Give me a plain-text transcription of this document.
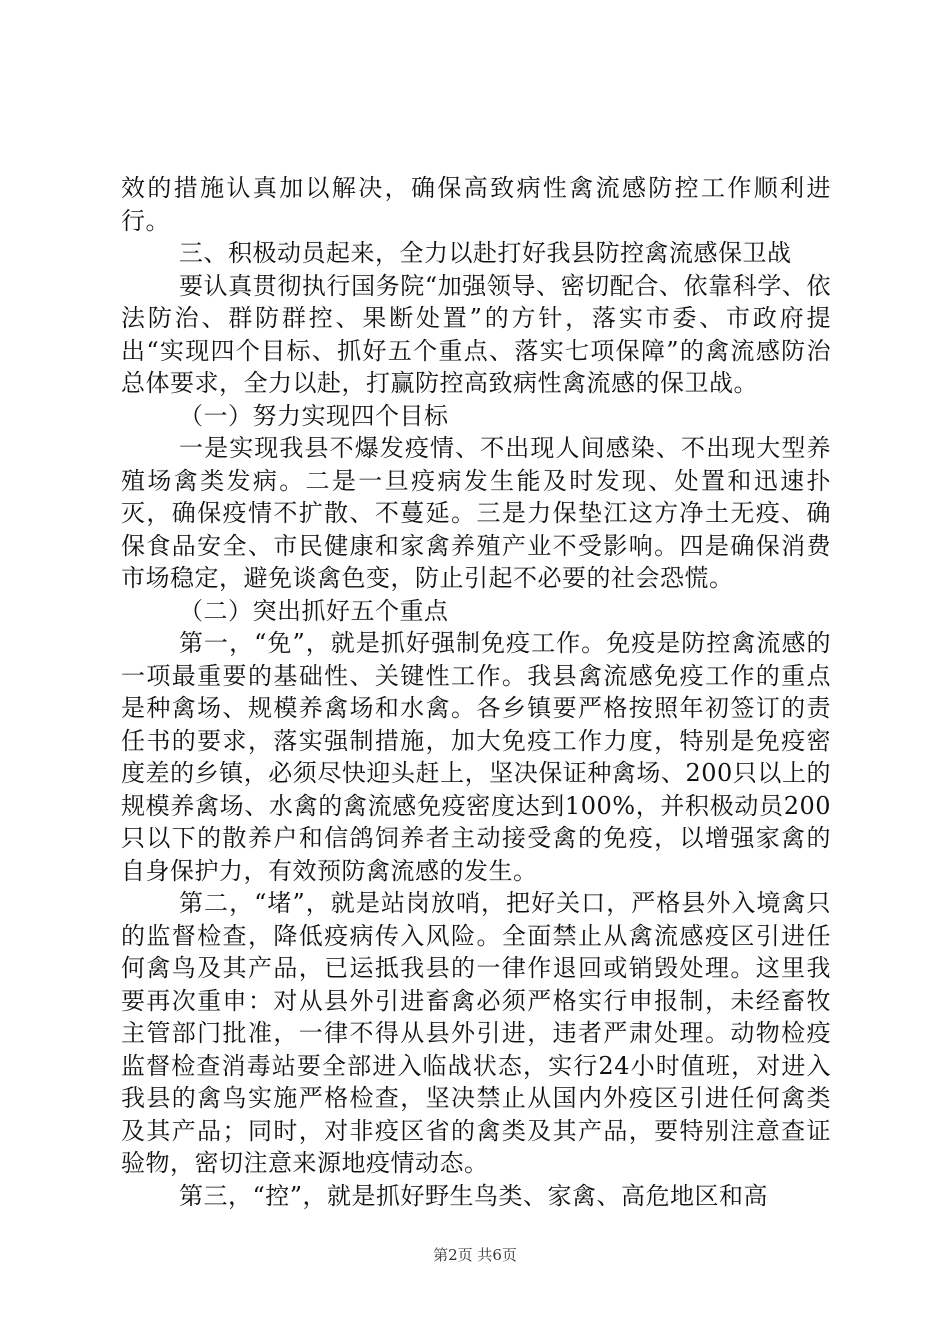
效的措施认真加以解决，确保高致病性禽流感防控工作顺利进行。

三、积极动员起来，全力以赴打好我县防控禽流感保卫战

要认真贯彻执行国务院“加强领导、密切配合、依靠科学、依法防治、群防群控、果断处置”的方针，落实市委、市政府提出“实现四个目标、抓好五个重点、落实七项保障”的禽流感防治总体要求，全力以赴，打赢防控高致病性禽流感的保卫战。

（一）努力实现四个目标

一是实现我县不爆发疫情、不出现人间感染、不出现大型养殖场禽类发病。二是一旦疫病发生能及时发现、处置和迅速扑灭，确保疫情不扩散、不蔓延。三是力保垫江这方净土无疫、确保食品安全、市民健康和家禽养殖产业不受影响。四是确保消费市场稳定，避免谈禽色变，防止引起不必要的社会恐慌。

（二）突出抓好五个重点

第一，“免”，就是抓好强制免疫工作。免疫是防控禽流感的一项最重要的基础性、关键性工作。我县禽流感免疫工作的重点是种禽场、规模养禽场和水禽。各乡镇要严格按照年初签订的责任书的要求，落实强制措施，加大免疫工作力度，特别是免疫密度差的乡镇，必须尽快迎头赶上，坚决保证种禽场、200只以上的规模养禽场、水禽的禽流感免疫密度达到100%，并积极动员200只以下的散养户和信鸽饲养者主动接受禽的免疫，以增强家禽的自身保护力，有效预防禽流感的发生。

第二，“堵”，就是站岗放哨，把好关口，严格县外入境禽只的监督检查，降低疫病传入风险。全面禁止从禽流感疫区引进任何禽鸟及其产品，已运抵我县的一律作退回或销毁处理。这里我要再次重申：对从县外引进畜禽必须严格实行申报制，未经畜牧主管部门批准，一律不得从县外引进，违者严肃处理。动物检疫监督检查消毒站要全部进入临战状态，实行24小时值班，对进入我县的禽鸟实施严格检查，坚决禁止从国内外疫区引进任何禽类及其产品；同时，对非疫区省的禽类及其产品，要特别注意查证验物，密切注意来源地疫情动态。

第三，“控”，就是抓好野生鸟类、家禽、高危地区和高

第2页 共6页
